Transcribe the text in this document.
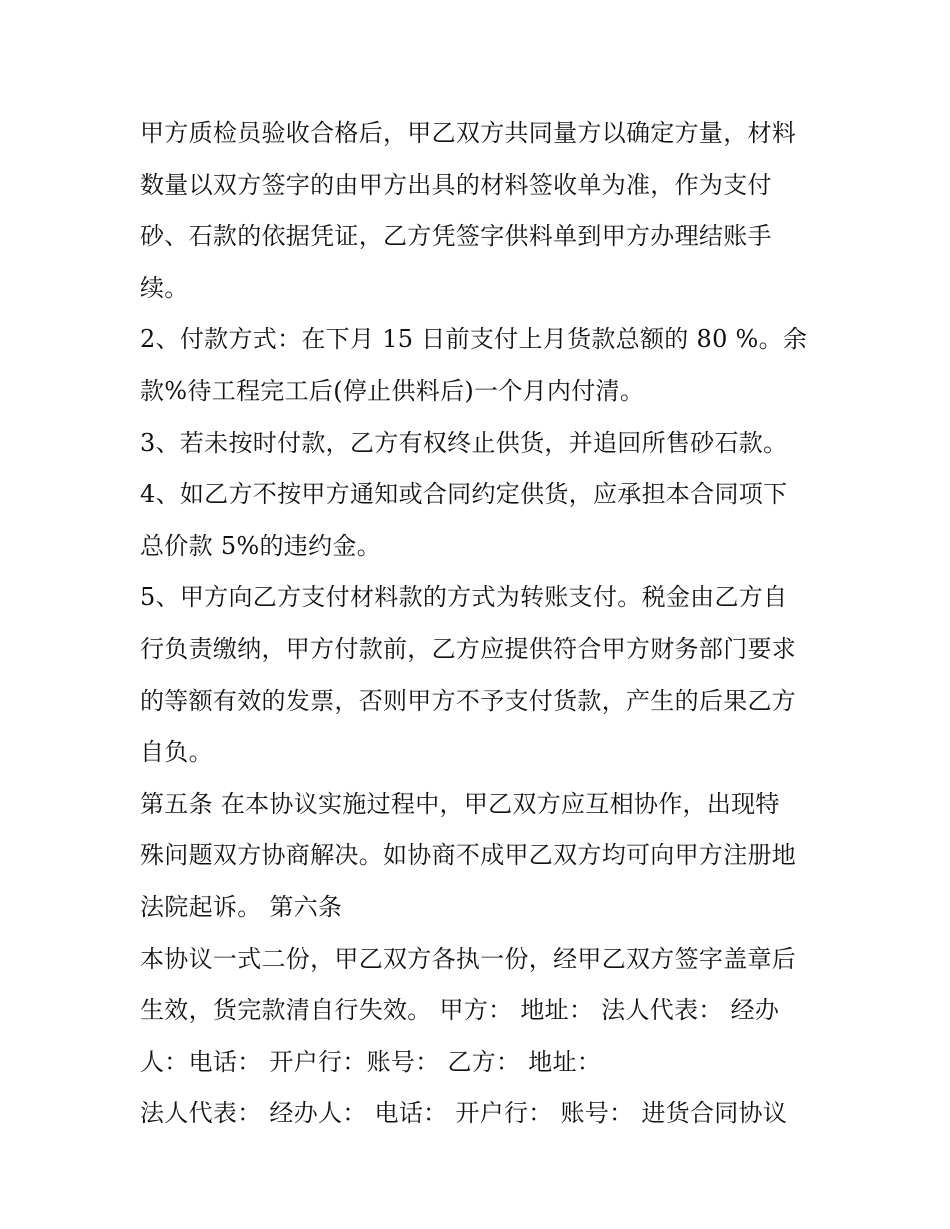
甲方质检员验收合格后，甲乙双方共同量方以确定方量，材料
数量以双方签字的由甲方出具的材料签收单为准，作为支付
砂、石款的依据凭证，乙方凭签字供料单到甲方办理结账手
续。
2、付款方式：在下月 15 日前支付上月货款总额的 80 %。余
款%待工程完工后(停止供料后)一个月内付清。
3、若未按时付款，乙方有权终止供货，并追回所售砂石款。
4、如乙方不按甲方通知或合同约定供货，应承担本合同项下
总价款 5%的违约金。
5、甲方向乙方支付材料款的方式为转账支付。税金由乙方自
行负责缴纳，甲方付款前，乙方应提供符合甲方财务部门要求
的等额有效的发票，否则甲方不予支付货款，产生的后果乙方
自负。
第五条 在本协议实施过程中，甲乙双方应互相协作，出现特
殊问题双方协商解决。如协商不成甲乙双方均可向甲方注册地
法院起诉。 第六条
本协议一式二份，甲乙双方各执一份，经甲乙双方签字盖章后
生效，货完款清自行失效。 甲方： 地址： 法人代表： 经办
人：电话： 开户行：账号： 乙方： 地址：
法人代表： 经办人： 电话： 开户行： 账号： 进货合同协议
